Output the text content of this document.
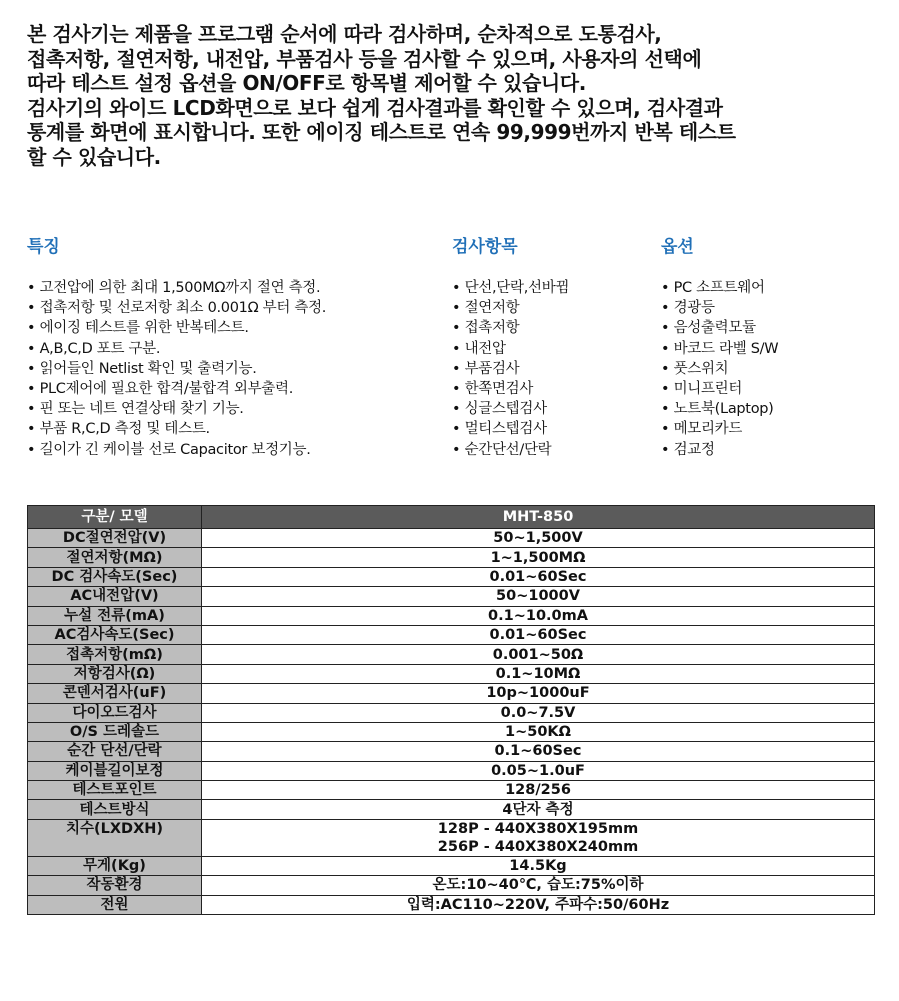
본 검사기는 제품을 프로그램 순서에 따라 검사하며, 순차적으로 도통검사,

접촉저항, 절연저항, 내전압, 부품검사 등을 검사할 수 있으며, 사용자의 선택에

따라 테스트 설정 옵션을 ON/OFF로 항목별 제어할 수 있습니다.

검사기의 와이드 LCD화면으로 보다 쉽게 검사결과를 확인할 수 있으며, 검사결과

통계를 화면에 표시합니다. 또한 에이징 테스트로 연속 99,999번까지 반복 테스트

할 수 있습니다.

특징	검사항목	옵션
• 고전압에 의한 최대 1,500MΩ까지 절연 측정.
• 접촉저항 및 선로저항 최소 0.001Ω 부터 측정.
• 에이징 테스트를 위한 반복테스트.
• A,B,C,D 포트 구분.
• 읽어들인 Netlist 확인 및 출력기능.
• PLC제어에 필요한 합격/불합격 외부출력.
• 핀 또는 네트 연결상태 찾기 기능.
• 부품 R,C,D 측정 및 테스트.
• 길이가 긴 케이블 선로 Capacitor 보정기능.
• 단선,단락,선바뀜
• 절연저항
• 접촉저항
• 내전압
• 부품검사
• 한쪽면검사
• 싱글스텝검사
• 멀티스텝검사
• 순간단선/단락
• PC 소프트웨어
• 경광등
• 음성출력모듈
• 바코드 라벨 S/W
• 풋스위치
• 미니프린터
• 노트북(Laptop)
• 메모리카드
• 검교정
구분/ 모델	MHT-850
DC절연전압(V)	50~1,500V
절연저항(MΩ)	1~1,500MΩ
DC 검사속도(Sec)	0.01~60Sec
AC내전압(V)	50~1000V
누설 전류(mA)	0.1~10.0mA
AC검사속도(Sec)	0.01~60Sec
접촉저항(mΩ)	0.001~50Ω
저항검사(Ω)	0.1~10MΩ
콘덴서검사(uF)	10p~1000uF
다이오드검사	0.0~7.5V
O/S 드레솔드	1~50KΩ
순간 단선/단락	0.1~60Sec
케이블길이보정	0.05~1.0uF
테스트포인트	128/256
테스트방식	4단자 측정
치수(LXDXH)	128P - 440X380X195mm
256P - 440X380X240mm

무게(Kg)	14.5Kg
작동환경	온도:10~40℃, 습도:75%이하
전원	입력:AC110~220V, 주파수:50/60Hz
